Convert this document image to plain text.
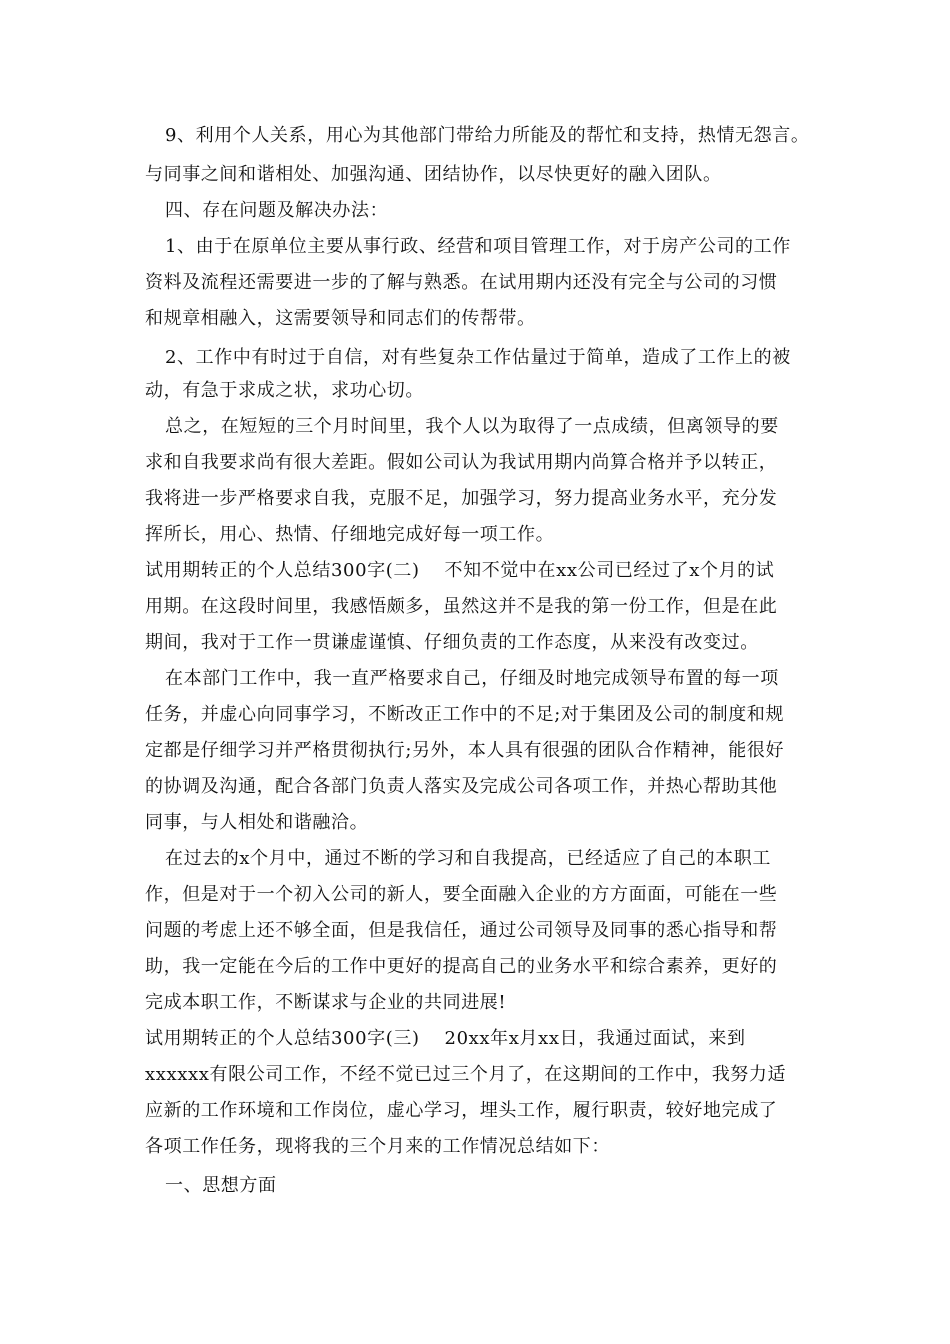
9、利用个人关系，用心为其他部门带给力所能及的帮忙和支持，热情无怨言。

与同事之间和谐相处、加强沟通、团结协作，以尽快更好的融入团队。

四、存在问题及解决办法：

1、由于在原单位主要从事行政、经营和项目管理工作，对于房产公司的工作

资料及流程还需要进一步的了解与熟悉。在试用期内还没有完全与公司的习惯

和规章相融入，这需要领导和同志们的传帮带。

2、工作中有时过于自信，对有些复杂工作估量过于简单，造成了工作上的被

动，有急于求成之状，求功心切。

总之，在短短的三个月时间里，我个人以为取得了一点成绩，但离领导的要

求和自我要求尚有很大差距。假如公司认为我试用期内尚算合格并予以转正，

我将进一步严格要求自我，克服不足，加强学习，努力提高业务水平，充分发

挥所长，用心、热情、仔细地完成好每一项工作。

试用期转正的个人总结300字(二)　 不知不觉中在xx公司已经过了x个月的试

用期。在这段时间里，我感悟颇多，虽然这并不是我的第一份工作，但是在此

期间，我对于工作一贯谦虚谨慎、仔细负责的工作态度，从来没有改变过。

在本部门工作中，我一直严格要求自己，仔细及时地完成领导布置的每一项

任务，并虚心向同事学习，不断改正工作中的不足;对于集团及公司的制度和规

定都是仔细学习并严格贯彻执行;另外，本人具有很强的团队合作精神，能很好

的协调及沟通，配合各部门负责人落实及完成公司各项工作，并热心帮助其他

同事，与人相处和谐融洽。

在过去的x个月中，通过不断的学习和自我提高，已经适应了自己的本职工

作，但是对于一个初入公司的新人，要全面融入企业的方方面面，可能在一些

问题的考虑上还不够全面，但是我信任，通过公司领导及同事的悉心指导和帮

助，我一定能在今后的工作中更好的提高自己的业务水平和综合素养，更好的

完成本职工作，不断谋求与企业的共同进展!

试用期转正的个人总结300字(三)　 20xx年x月xx日，我通过面试，来到

xxxxxx有限公司工作，不经不觉已过三个月了，在这期间的工作中，我努力适

应新的工作环境和工作岗位，虚心学习，埋头工作，履行职责，较好地完成了

各项工作任务，现将我的三个月来的工作情况总结如下：

一、思想方面
